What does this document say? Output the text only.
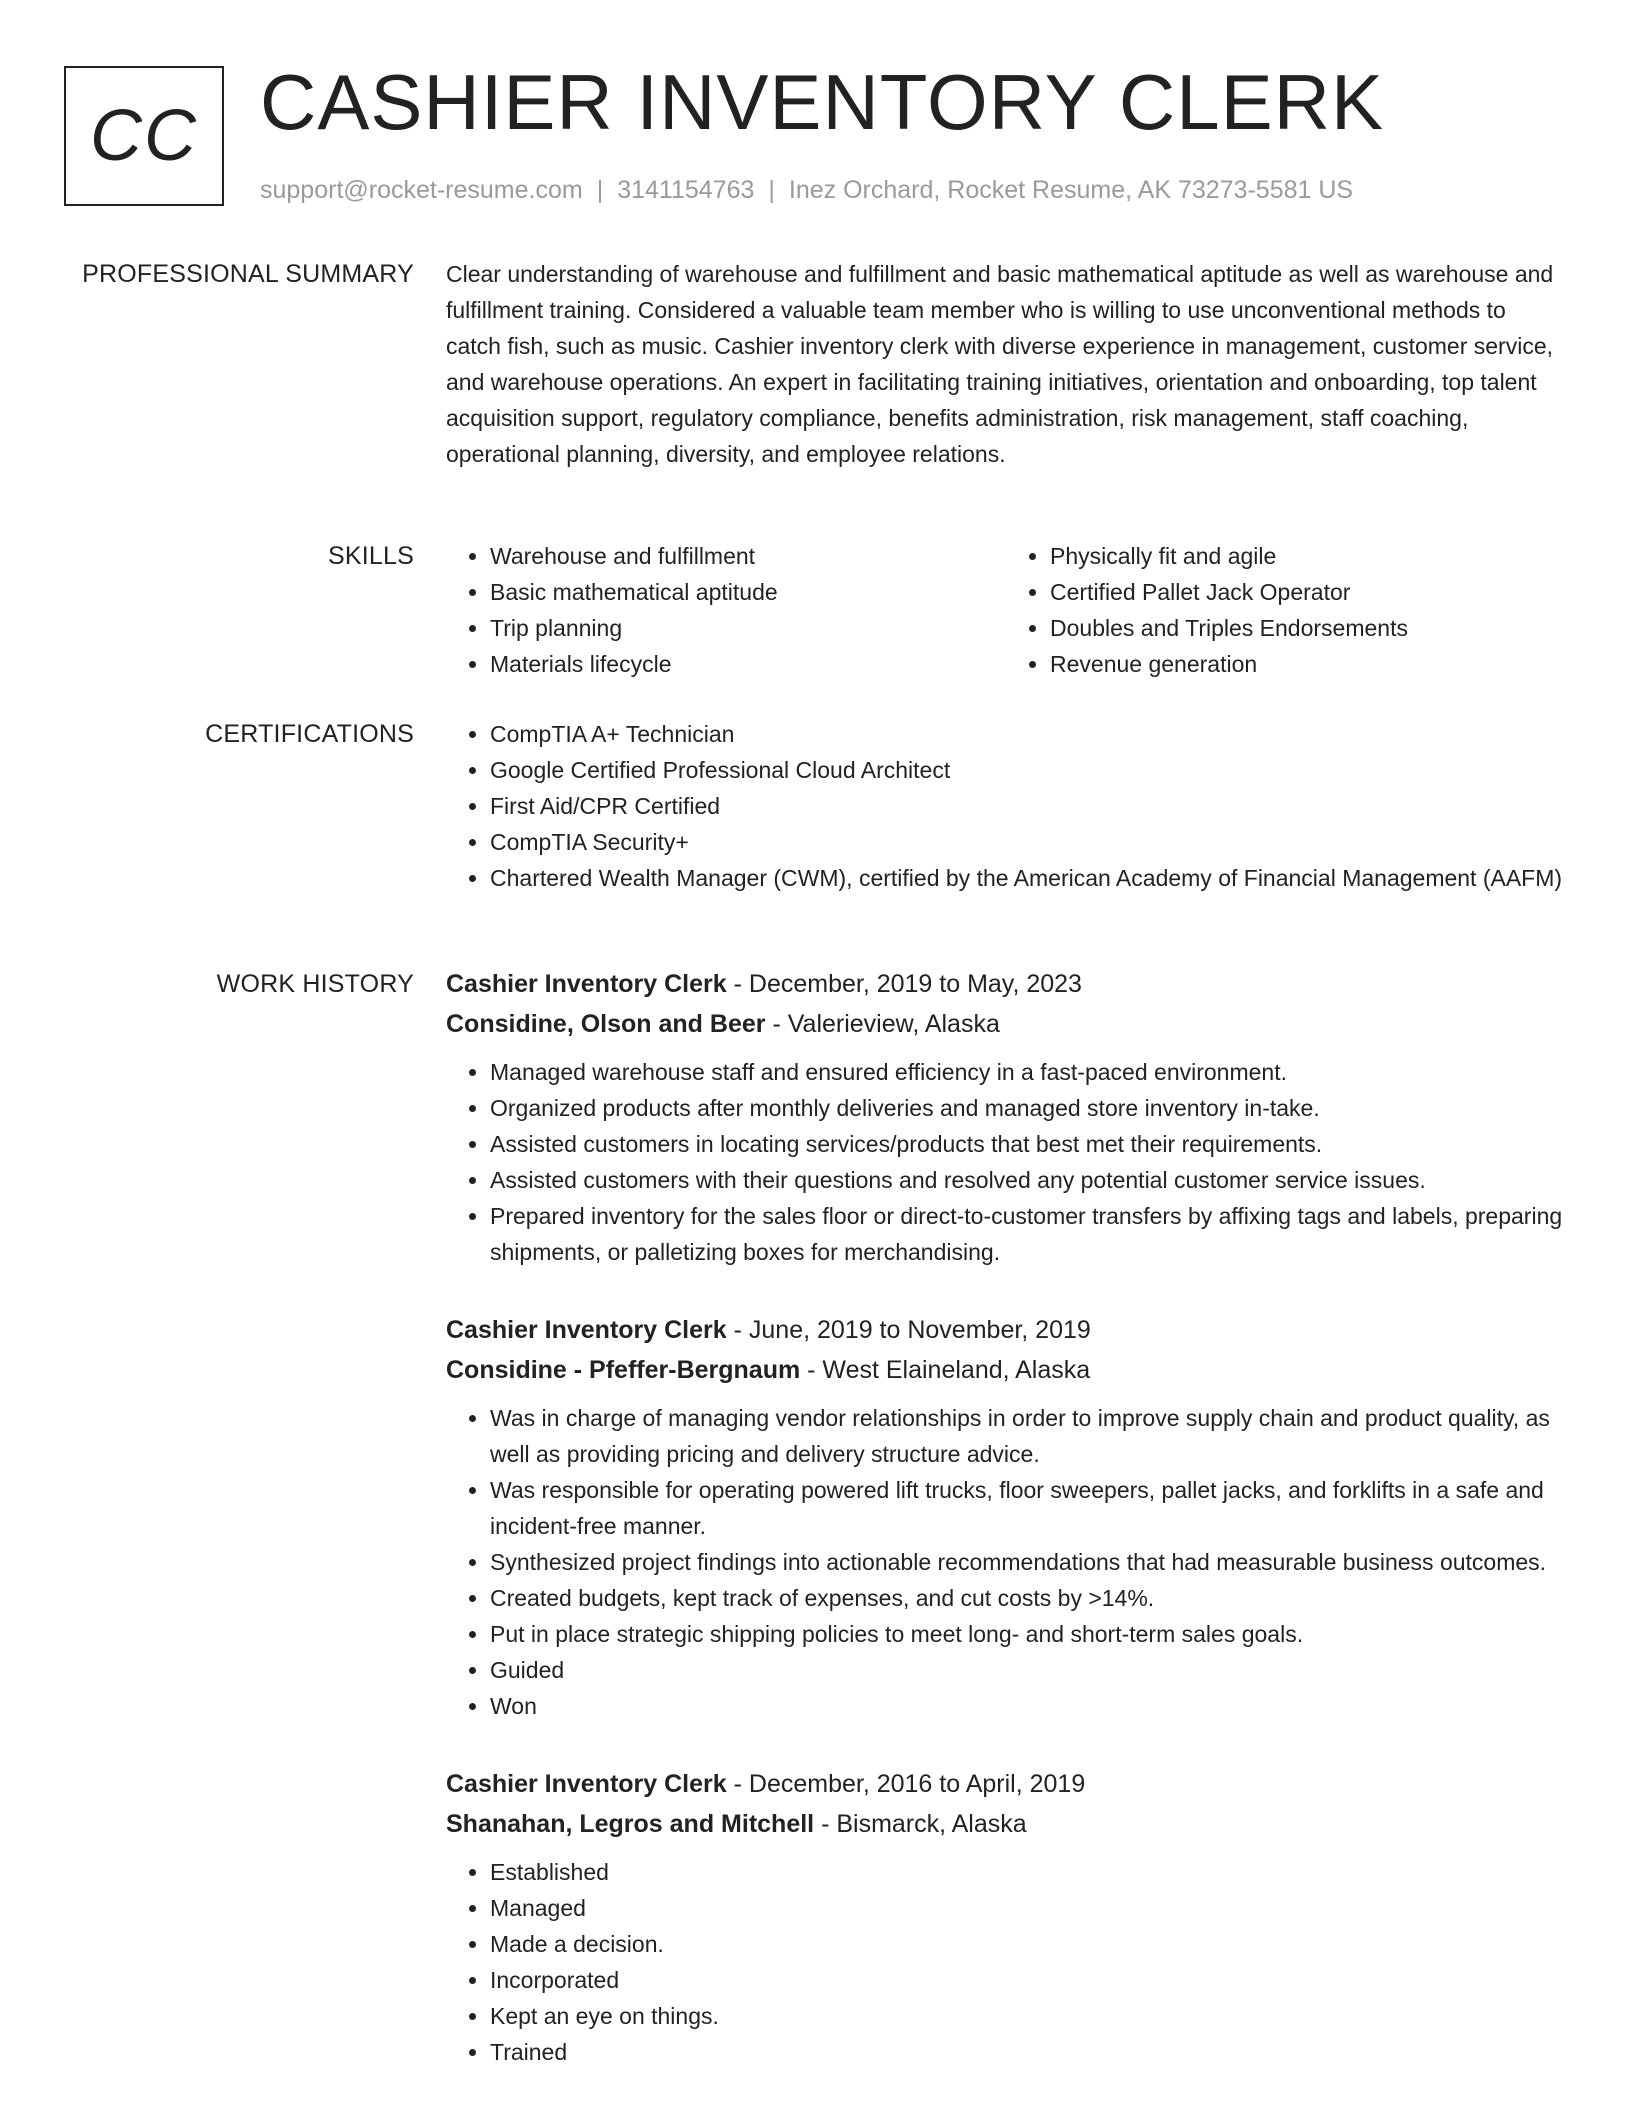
CC CASHIER INVENTORY CLERK
support@rocket-resume.com | 3141154763 | Inez Orchard, Rocket Resume, AK 73273-5581 US
PROFESSIONAL SUMMARY Clear understanding of warehouse and fulfillment and basic mathematical aptitude as well as warehouse and fulfillment training. Considered a valuable team member who is willing to use unconventional methods to catch fish, such as music. Cashier inventory clerk with diverse experience in management, customer service, and warehouse operations. An expert in facilitating training initiatives, orientation and onboarding, top talent acquisition support, regulatory compliance, benefits administration, risk management, staff coaching, operational planning, diversity, and employee relations.
SKILLS	• Warehouse and fulfillment
• Basic mathematical aptitude
• Trip planning
• Materials lifecycle
• Physically fit and agile
• Certified Pallet Jack Operator
• Doubles and Triples Endorsements
• Revenue generation
CERTIFICATIONS	• CompTIA A+ Technician
• Google Certified Professional Cloud Architect
• First Aid/CPR Certified
• CompTIA Security+
• Chartered Wealth Manager (CWM), certified by the American Academy of Financial Management (AAFM)
WORK HISTORY Cashier Inventory Clerk - December, 2019 to May, 2023
Considine, Olson and Beer - Valerieview, Alaska
• Managed warehouse staff and ensured efficiency in a fast-paced environment.
• Organized products after monthly deliveries and managed store inventory in-take.
• Assisted customers in locating services/products that best met their requirements.
• Assisted customers with their questions and resolved any potential customer service issues.
• Prepared inventory for the sales floor or direct-to-customer transfers by affixing tags and labels, preparing shipments, or palletizing boxes for merchandising.
Cashier Inventory Clerk - June, 2019 to November, 2019
Considine - Pfeffer-Bergnaum - West Elaineland, Alaska
• Was in charge of managing vendor relationships in order to improve supply chain and product quality, as well as providing pricing and delivery structure advice.
• Was responsible for operating powered lift trucks, floor sweepers, pallet jacks, and forklifts in a safe and incident-free manner.
• Synthesized project findings into actionable recommendations that had measurable business outcomes.
• Created budgets, kept track of expenses, and cut costs by >14%.
• Put in place strategic shipping policies to meet long- and short-term sales goals.
• Guided
• Won
Cashier Inventory Clerk - December, 2016 to April, 2019
Shanahan, Legros and Mitchell - Bismarck, Alaska
• Established
• Managed
• Made a decision.
• Incorporated
• Kept an eye on things.
• Trained
